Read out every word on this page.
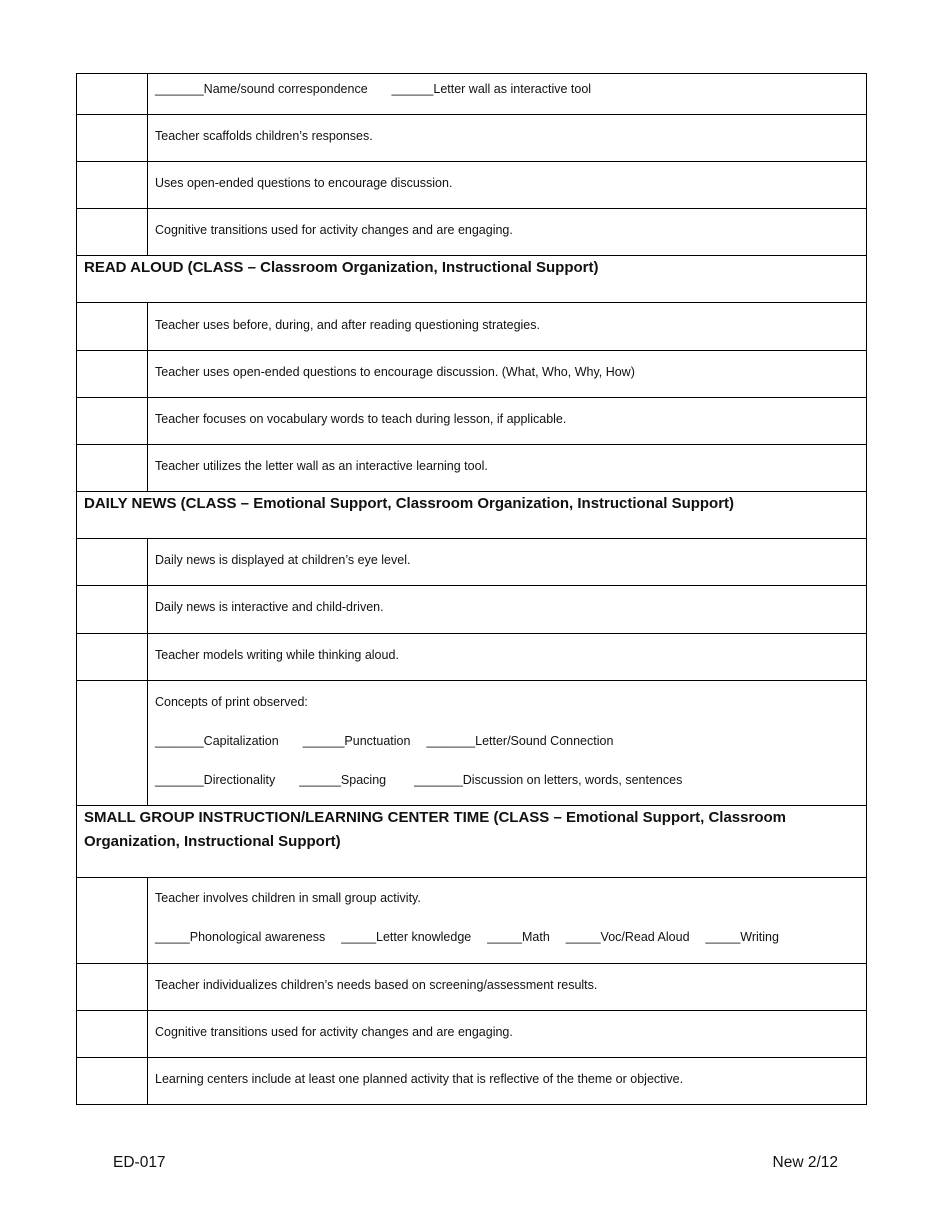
	_______Name/sound correspondence ______Letter wall as interactive tool
	Teacher scaffolds children’s responses.
	Uses open-ended questions to encourage discussion.
	Cognitive transitions used for activity changes and are engaging.
READ ALOUD (CLASS – Classroom Organization, Instructional Support)	
	Teacher uses before, during, and after reading questioning strategies.
	Teacher uses open-ended questions to encourage discussion. (What, Who, Why, How)
	Teacher focuses on vocabulary words to teach during lesson, if applicable.
	Teacher utilizes the letter wall as an interactive learning tool.
DAILY NEWS (CLASS – Emotional Support, Classroom Organization, Instructional Support)	
	Daily news is displayed at children’s eye level.
	Daily news is interactive and child-driven.
	Teacher models writing while thinking aloud.

	Concepts of print observed:
_______Capitalization ______Punctuation _______Letter/Sound Connection
_______Directionality ______Spacing _______Discussion on letters, words, sentences

SMALL GROUP INSTRUCTION/LEARNING CENTER TIME (CLASS – Emotional Support, Classroom Organization, Instructional Support)	

	Teacher involves children in small group activity.
_____Phonological awareness _____Letter knowledge _____Math _____Voc/Read Aloud _____Writing

	Teacher individualizes children’s needs based on screening/assessment results.
	Cognitive transitions used for activity changes and are engaging.
	Learning centers include at least one planned activity that is reflective of the theme or objective.
ED-017	New 2/12
